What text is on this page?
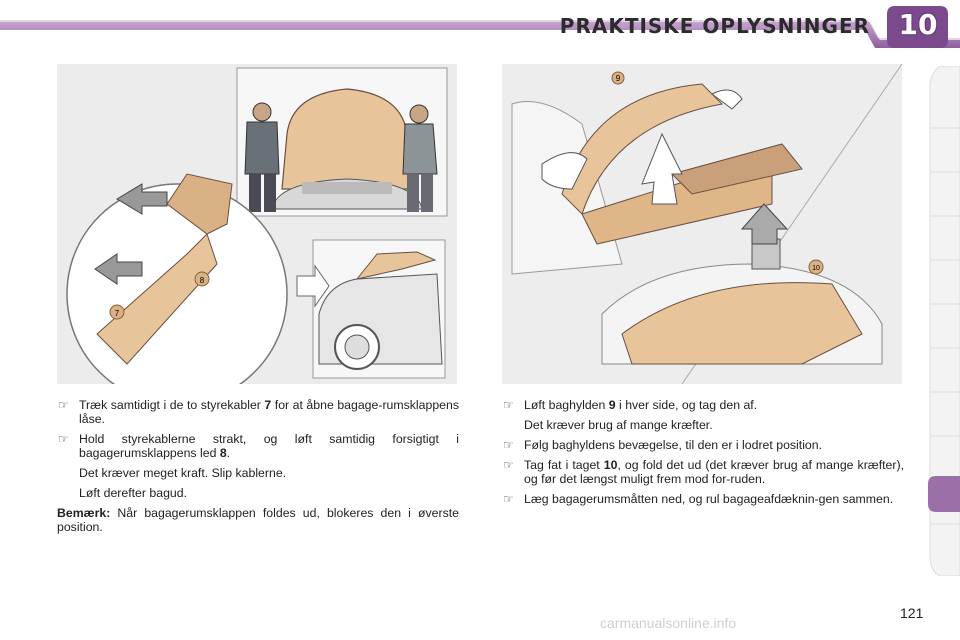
PRAKTISKE OPLYSNINGER 10
8
7
9
10
☞ Træk samtidigt i de to styrekabler 7 for at åbne bagage-rumsklappens låse.
☞ Hold styrekablerne strakt, og løft samtidig forsigtigt i bagagerumsklappens led 8.
Det kræver meget kraft. Slip kablerne.
Løft derefter bagud.
Bemærk: Når bagagerumsklappen foldes ud, blokeres den i øverste position.
☞ Løft baghylden 9 i hver side, og tag den af.
Det kræver brug af mange kræfter.
☞ Følg baghyldens bevægelse, til den er i lodret position.
☞ Tag fat i taget 10, og fold det ud (det kræver brug af mange kræfter), og før det længst muligt frem mod for-ruden.
☞ Læg bagagerumsmåtten ned, og rul bagageafdæknin-gen sammen.
carmanualsonline.info
121
